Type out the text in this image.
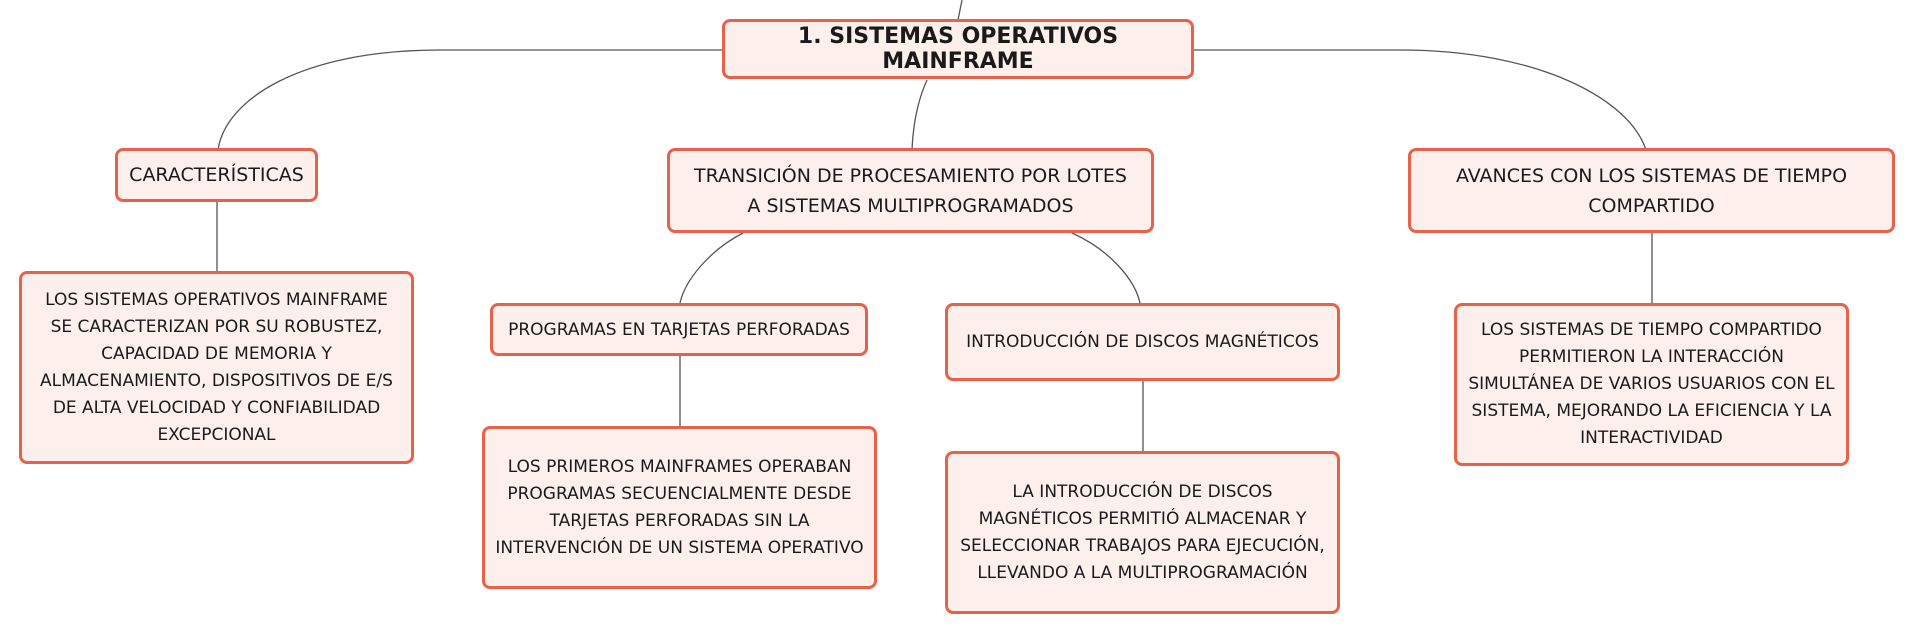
1. SISTEMAS OPERATIVOS MAINFRAME
CARACTERÍSTICAS	TRANSICIÓN DE PROCESAMIENTO POR LOTES A SISTEMAS MULTIPROGRAMADOS
AVANCES CON LOS SISTEMAS DE TIEMPO COMPARTIDO
LOS SISTEMAS OPERATIVOS MAINFRAME SE CARACTERIZAN POR SU ROBUSTEZ, CAPACIDAD DE MEMORIA Y ALMACENAMIENTO, DISPOSITIVOS DE E/S DE ALTA VELOCIDAD Y CONFIABILIDAD EXCEPCIONAL
PROGRAMAS EN TARJETAS PERFORADAS
INTRODUCCIÓN DE DISCOS MAGNÉTICOS
LOS PRIMEROS MAINFRAMES OPERABAN PROGRAMAS SECUENCIALMENTE DESDE TARJETAS PERFORADAS SIN LA INTERVENCIÓN DE UN SISTEMA OPERATIVO
LA INTRODUCCIÓN DE DISCOS MAGNÉTICOS PERMITIÓ ALMACENAR Y SELECCIONAR TRABAJOS PARA EJECUCIÓN, LLEVANDO A LA MULTIPROGRAMACIÓN
LOS SISTEMAS DE TIEMPO COMPARTIDO PERMITIERON LA INTERACCIÓN SIMULTÁNEA DE VARIOS USUARIOS CON EL SISTEMA, MEJORANDO LA EFICIENCIA Y LA INTERACTIVIDAD
